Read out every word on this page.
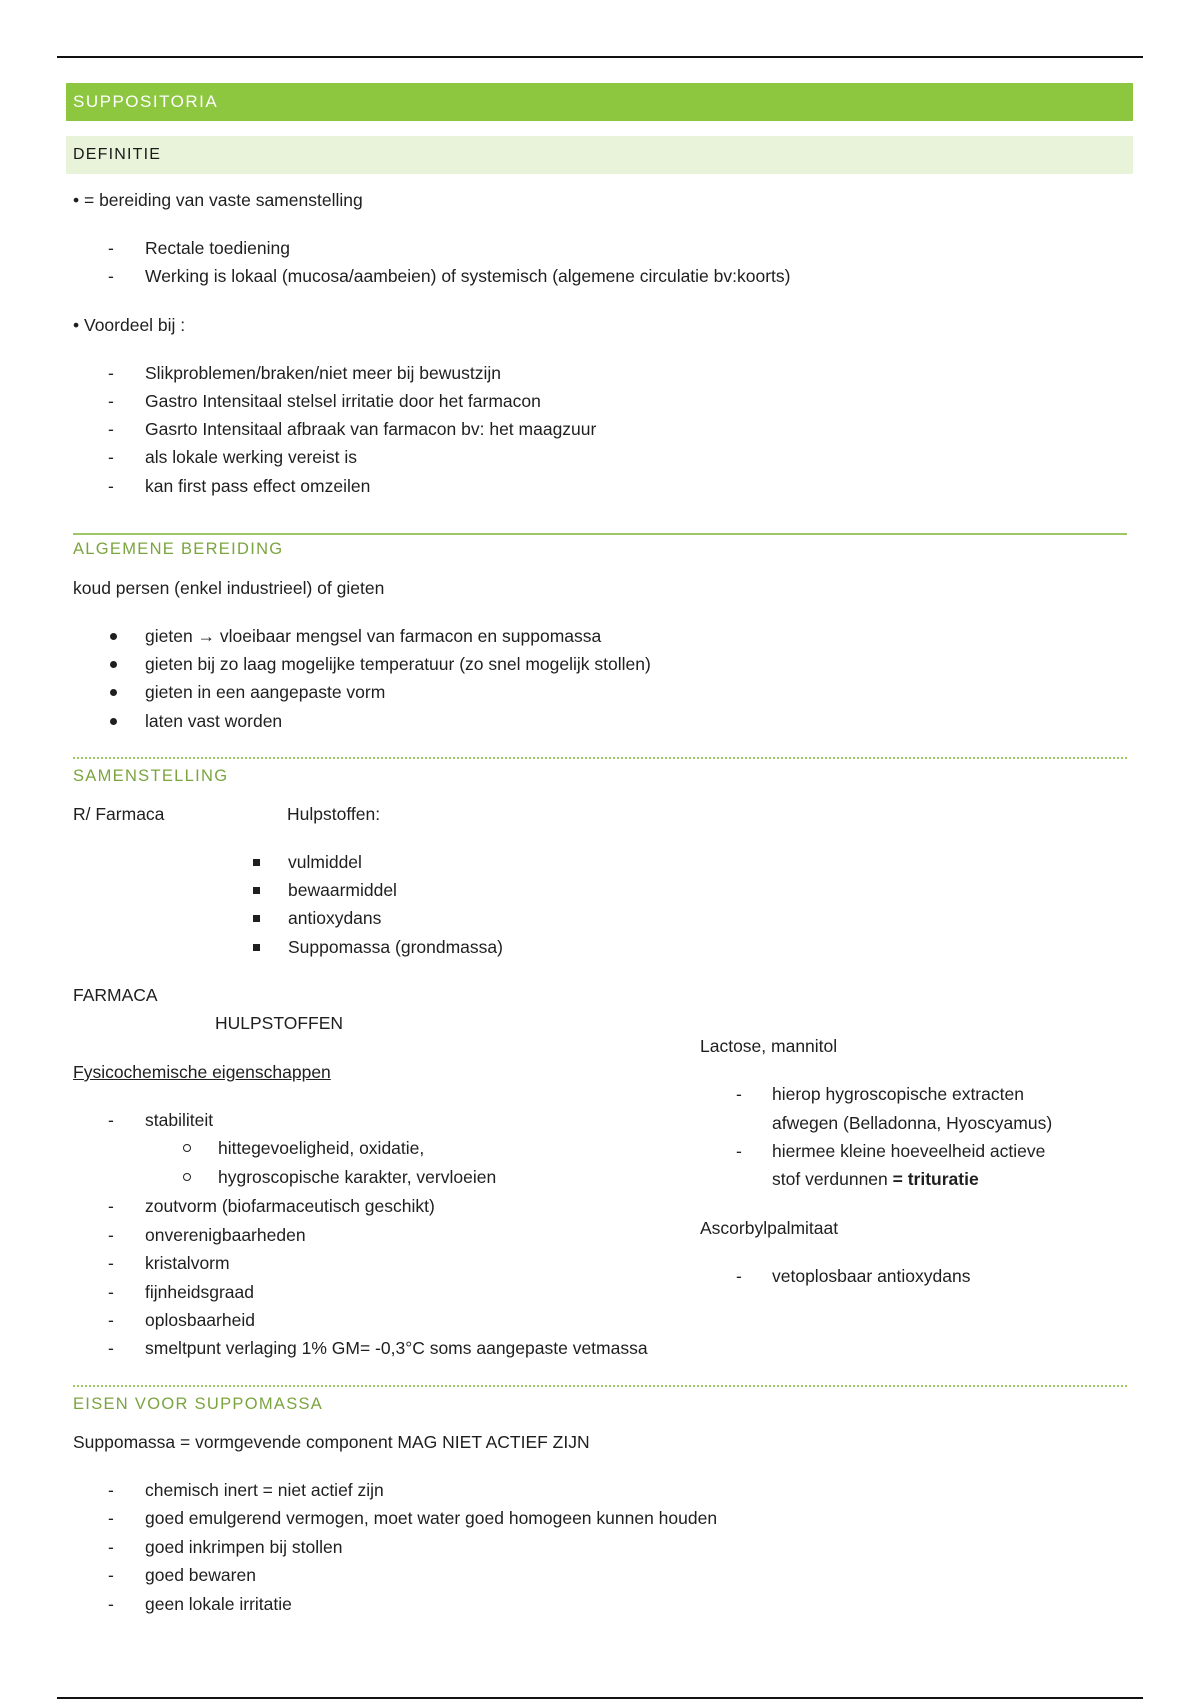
SUPPOSITORIA
DEFINITIE
• = bereiding van vaste samenstelling
- Rectale toediening
- Werking is lokaal (mucosa/aambeien) of systemisch (algemene circulatie bv:koorts)
• Voordeel bij :
- Slikproblemen/braken/niet meer bij bewustzijn
- Gastro Intensitaal stelsel irritatie door het farmacon
- Gasrto Intensitaal afbraak van farmacon bv: het maagzuur
- als lokale werking vereist is
- kan first pass effect omzeilen
ALGEMENE BEREIDING
koud persen (enkel industrieel) of gieten
gieten → vloeibaar mengsel van farmacon en suppomassa
gieten bij zo laag mogelijke temperatuur (zo snel mogelijk stollen)
gieten in een aangepaste vorm
laten vast worden
SAMENSTELLING
R/ Farmaca	Hulpstoffen:
vulmiddel
bewaarmiddel
antioxydans
Suppomassa (grondmassa)
FARMACA
HULPSTOFFEN
Fysicochemische eigenschappen
- stabiliteit
hittegevoeligheid, oxidatie,
hygroscopische karakter, vervloeien
- zoutvorm (biofarmaceutisch geschikt)
- onverenigbaarheden
- kristalvorm
- fijnheidsgraad
- oplosbaarheid
- smeltpunt verlaging 1% GM= -0,3°C soms aangepaste vetmassa
Lactose, mannitol
- hierop hygroscopische extracten
afwegen (Belladonna, Hyoscyamus)
- hiermee kleine hoeveelheid actieve
stof verdunnen = trituratie
Ascorbylpalmitaat
- vetoplosbaar antioxydans
EISEN VOOR SUPPOMASSA
Suppomassa = vormgevende component MAG NIET ACTIEF ZIJN
- chemisch inert = niet actief zijn
- goed emulgerend vermogen, moet water goed homogeen kunnen houden
- goed inkrimpen bij stollen
- goed bewaren
- geen lokale irritatie
